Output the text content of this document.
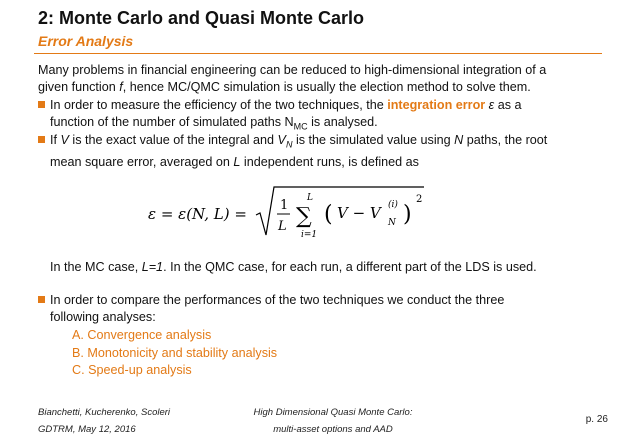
2: Monte Carlo and Quasi Monte Carlo
Error Analysis
Many problems in financial engineering can be reduced to high-dimensional integration of a
given function f, hence MC/QMC simulation is usually the election method to solve them.
In order to measure the efficiency of the two techniques, the integration error ε as a
function of the number of simulated paths $N_{MC}$ is analysed.
If V is the exact value of the integral and $V_N$ is the simulated value using N paths, the root
mean square error, averaged on L independent runs, is defined as
ε = ε(N, L) =	1
L
L
∑
i=1
( V − V (i)
N )
2
In the MC case, L=1. In the QMC case, for each run, a different part of the LDS is used.
In order to compare the performances of the two techniques we conduct the three
following analyses:
A. Convergence analysis
B. Monotonicity and stability analysis
C. Speed-up analysis
Bianchetti, Kucherenko, Scoleri
GDTRM, May 12, 2016
High Dimensional Quasi Monte Carlo:
multi-asset options and AAD
p. 26
